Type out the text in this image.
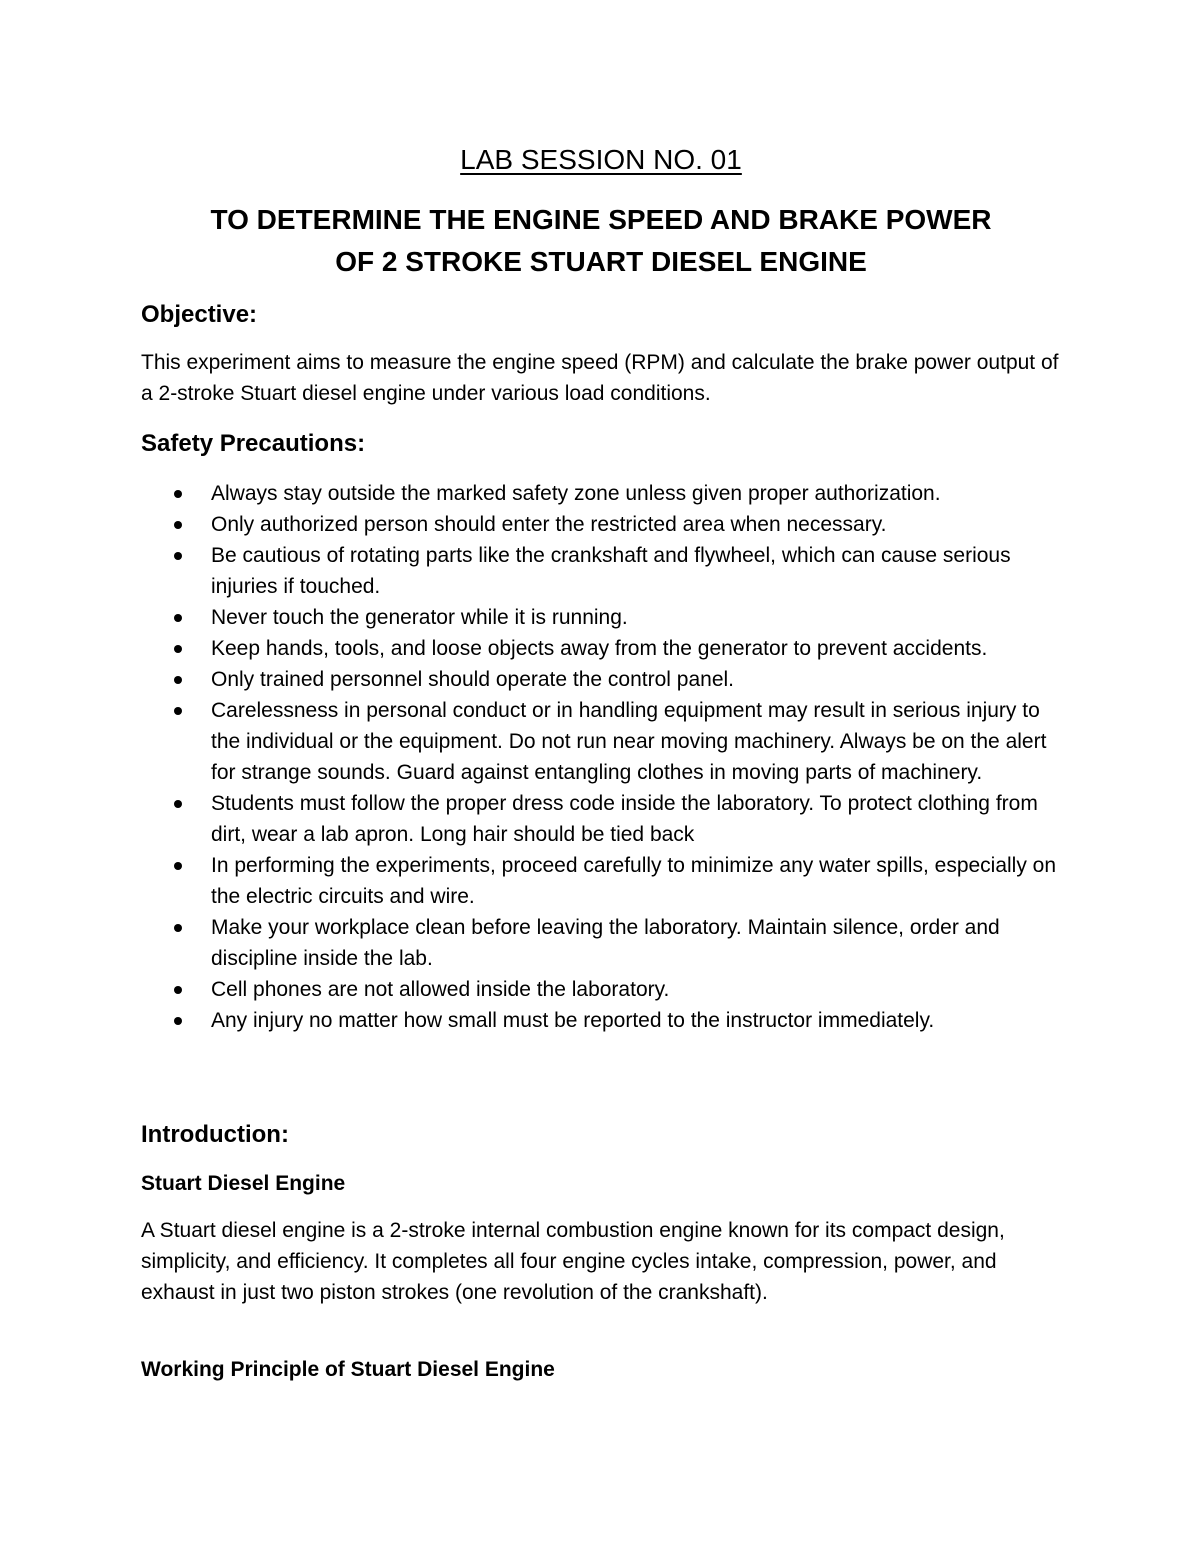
LAB SESSION NO. 01
TO DETERMINE THE ENGINE SPEED AND BRAKE POWER
OF 2 STROKE STUART DIESEL ENGINE
Objective:

This experiment aims to measure the engine speed (RPM) and calculate the brake power output of a 2-stroke Stuart diesel engine under various load conditions.

Safety Precautions:
Always stay outside the marked safety zone unless given proper authorization.
Only authorized person should enter the restricted area when necessary.
Be cautious of rotating parts like the crankshaft and flywheel, which can cause serious injuries if touched.
Never touch the generator while it is running.
Keep hands, tools, and loose objects away from the generator to prevent accidents.
Only trained personnel should operate the control panel.
Carelessness in personal conduct or in handling equipment may result in serious injury to the individual or the equipment. Do not run near moving machinery. Always be on the alert for strange sounds. Guard against entangling clothes in moving parts of machinery.
Students must follow the proper dress code inside the laboratory. To protect clothing from dirt, wear a lab apron. Long hair should be tied back
In performing the experiments, proceed carefully to minimize any water spills, especially on the electric circuits and wire.
Make your workplace clean before leaving the laboratory. Maintain silence, order and discipline inside the lab.
Cell phones are not allowed inside the laboratory.
Any injury no matter how small must be reported to the instructor immediately.
Introduction:
Stuart Diesel Engine

A Stuart diesel engine is a 2-stroke internal combustion engine known for its compact design, simplicity, and efficiency. It completes all four engine cycles intake, compression, power, and exhaust in just two piston strokes (one revolution of the crankshaft).

Working Principle of Stuart Diesel Engine
